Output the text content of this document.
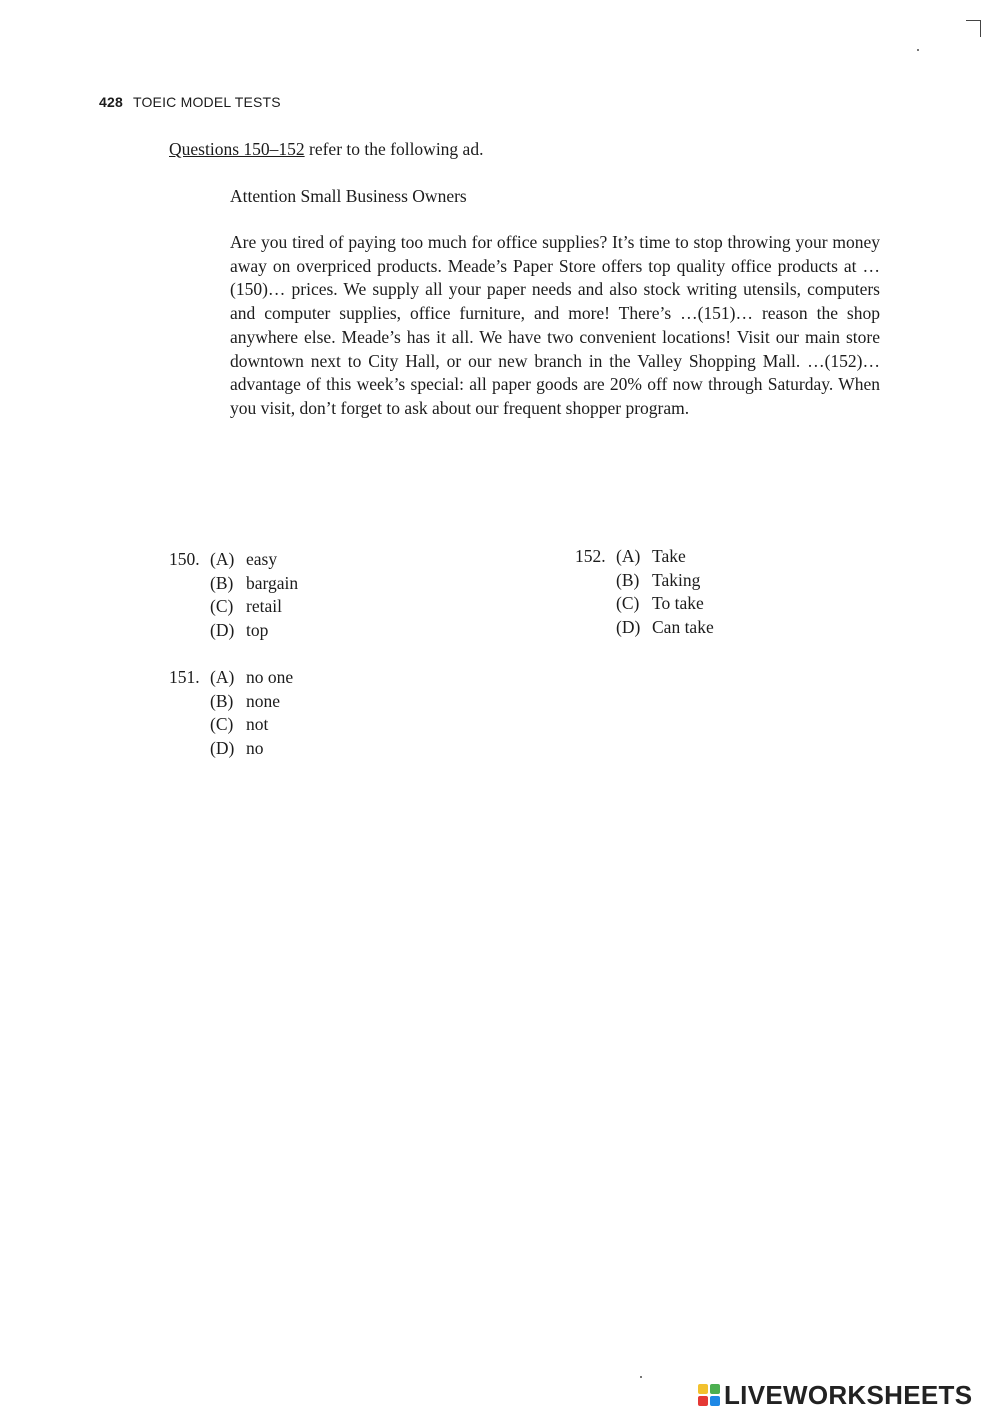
428 TOEIC MODEL TESTS
Questions 150–152 refer to the following ad.
Attention Small Business Owners
Are you tired of paying too much for office supplies? It’s time to stop throwing your money away on overpriced products. Meade’s Paper Store offers top quality office products at …(150)… prices. We supply all your paper needs and also stock writing utensils, computers and computer supplies, office furniture, and more! There’s …(151)… reason the shop anywhere else. Meade’s has it all. We have two convenient locations! Visit our main store downtown next to City Hall, or our new branch in the Valley Shopping Mall. …(152)… advantage of this week’s special: all paper goods are 20% off now through Saturday. When you visit, don’t forget to ask about our frequent shopper program.
150. (A) easy
(B) bargain
(C) retail
(D) top
151. (A) no one
(B) none
(C) not
(D) no
152. (A) Take
(B) Taking
(C) To take
(D) Can take
LIVEWORKSHEETS
